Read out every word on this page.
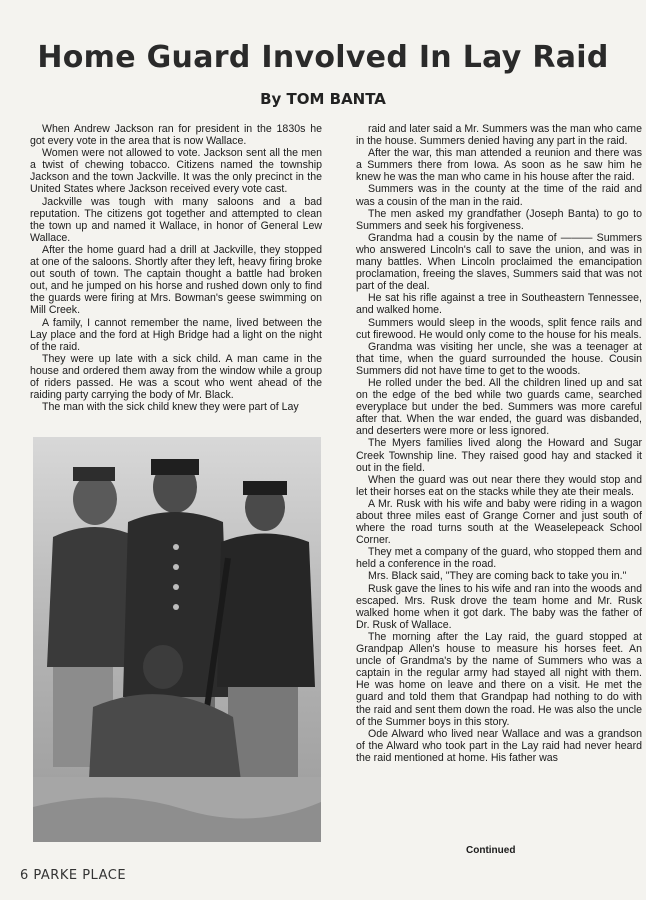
Home Guard Involved In Lay Raid
By TOM BANTA

When Andrew Jackson ran for president in the 1830s he got every vote in the area that is now Wallace.

Women were not allowed to vote. Jackson sent all the men a twist of chewing tobacco. Citizens named the township Jackson and the town Jackville. It was the only precinct in the United States where Jackson received every vote cast.

Jackville was tough with many saloons and a bad reputation. The citizens got together and attempted to clean the town up and named it Wallace, in honor of General Lew Wallace.

After the home guard had a drill at Jackville, they stopped at one of the saloons. Shortly after they left, heavy firing broke out south of town. The captain thought a battle had broken out, and he jumped on his horse and rushed down only to find the guards were firing at Mrs. Bowman's geese swimming on Mill Creek.

A family, I cannot remember the name, lived between the Lay place and the ford at High Bridge had a light on the night of the raid.

They were up late with a sick child. A man came in the house and ordered them away from the window while a group of riders passed. He was a scout who went ahead of the raiding party carrying the body of Mr. Black.

The man with the sick child knew they were part of Lay

raid and later said a Mr. Summers was the man who came in the house. Summers denied having any part in the raid.

After the war, this man attended a reunion and there was a Summers there from Iowa. As soon as he saw him he knew he was the man who came in his house after the raid.

Summers was in the county at the time of the raid and was a cousin of the man in the raid.

The men asked my grandfather (Joseph Banta) to go to Summers and seek his forgiveness.

Grandma had a cousin by the name of ——— Summers who answered Lincoln's call to save the union, and was in many battles. When Lincoln proclaimed the emancipation proclamation, freeing the slaves, Summers said that was not part of the deal.

He sat his rifle against a tree in Southeastern Tennessee, and walked home.

Summers would sleep in the woods, split fence rails and cut firewood. He would only come to the house for his meals.

Grandma was visiting her uncle, she was a teenager at that time, when the guard surrounded the house. Cousin Summers did not have time to get to the woods.

He rolled under the bed. All the children lined up and sat on the edge of the bed while two guards came, searched everyplace but under the bed. Summers was more careful after that. When the war ended, the guard was disbanded, and deserters were more or less ignored.

The Myers families lived along the Howard and Sugar Creek Township line. They raised good hay and stacked it out in the field.

When the guard was out near there they would stop and let their horses eat on the stacks while they ate their meals.

A Mr. Rusk with his wife and baby were riding in a wagon about three miles east of Grange Corner and just south of where the road turns south at the Weaselepeack School Corner.

They met a company of the guard, who stopped them and held a conference in the road.

Mrs. Black said, "They are coming back to take you in."

Rusk gave the lines to his wife and ran into the woods and escaped. Mrs. Rusk drove the team home and Mr. Rusk walked home when it got dark. The baby was the father of Dr. Rusk of Wallace.

The morning after the Lay raid, the guard stopped at Grandpap Allen's house to measure his horses feet. An uncle of Grandma's by the name of Summers who was a captain in the regular army had stayed all night with them. He was home on leave and there on a visit. He met the guard and told them that Grandpap had nothing to do with the raid and sent them down the road. He was also the uncle of the Summer boys in this story.

Ode Alward who lived near Wallace and was a grandson of the Alward who took part in the Lay raid had never heard the raid mentioned at home. His father was

Continued
6 PARKE PLACE
